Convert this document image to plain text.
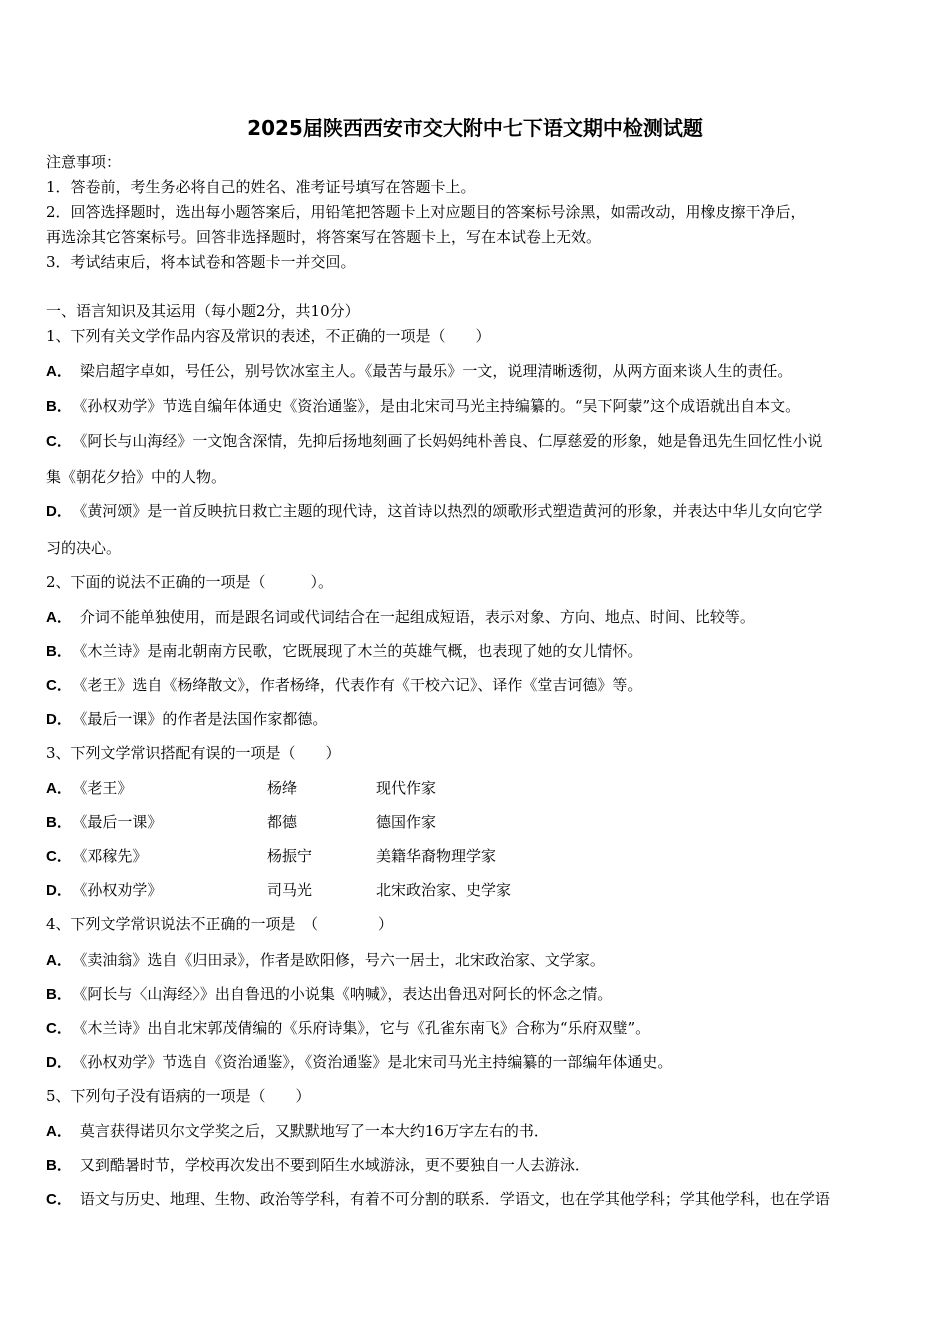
2025届陕西西安市交大附中七下语文期中检测试题
注意事项：
1．答卷前，考生务必将自己的姓名、准考证号填写在答题卡上。
2．回答选择题时，选出每小题答案后，用铅笔把答题卡上对应题目的答案标号涂黑，如需改动，用橡皮擦干净后，
再选涂其它答案标号。回答非选择题时，将答案写在答题卡上，写在本试卷上无效。
3．考试结束后，将本试卷和答题卡一并交回。
一、语言知识及其运用（每小题2分，共10分）
1、下列有关文学作品内容及常识的表述，不正确的一项是（　　）
A． 梁启超字卓如，号任公，别号饮冰室主人。《最苦与最乐》一文，说理清晰透彻，从两方面来谈人生的责任。
B． 《孙权劝学》节选自编年体通史《资治通鉴》，是由北宋司马光主持编纂的。“吴下阿蒙”这个成语就出自本文。
C． 《阿长与山海经》一文饱含深情，先抑后扬地刻画了长妈妈纯朴善良、仁厚慈爱的形象，她是鲁迅先生回忆性小说
集《朝花夕拾》中的人物。
D． 《黄河颂》是一首反映抗日救亡主题的现代诗，这首诗以热烈的颂歌形式塑造黄河的形象，并表达中华儿女向它学
习的决心。
2、下面的说法不正确的一项是（　　　）。
A． 介词不能单独使用，而是跟名词或代词结合在一起组成短语，表示对象、方向、地点、时间、比较等。
B． 《木兰诗》是南北朝南方民歌，它既展现了木兰的英雄气概，也表现了她的女儿情怀。
C． 《老王》选自《杨绛散文》，作者杨绛，代表作有《干校六记》、译作《堂吉诃德》等。
D． 《最后一课》的作者是法国作家都德。
3、下列文学常识搭配有误的一项是（　　）
A． 《老王》	杨绛	现代作家
B． 《最后一课》	都德	德国作家
C． 《邓稼先》	杨振宁	美籍华裔物理学家
D． 《孙权劝学》	司马光	北宋政治家、史学家
4、下列文学常识说法不正确的一项是　（　　　　）
A． 《卖油翁》选自《归田录》，作者是欧阳修，号六一居士，北宋政治家、文学家。
B． 《阿长与〈山海经〉》出自鲁迅的小说集《呐喊》，表达出鲁迅对阿长的怀念之情。
C． 《木兰诗》出自北宋郭茂倩编的《乐府诗集》，它与《孔雀东南飞》合称为“乐府双璧”。
D． 《孙权劝学》节选自《资治通鉴》，《资治通鉴》是北宋司马光主持编纂的一部编年体通史。
5、下列句子没有语病的一项是（　　）
A． 莫言获得诺贝尔文学奖之后，又默默地写了一本大约16万字左右的书．
B． 又到酷暑时节，学校再次发出不要到陌生水域游泳，更不要独自一人去游泳．
C． 语文与历史、地理、生物、政治等学科，有着不可分割的联系．学语文，也在学其他学科；学其他学科，也在学语
